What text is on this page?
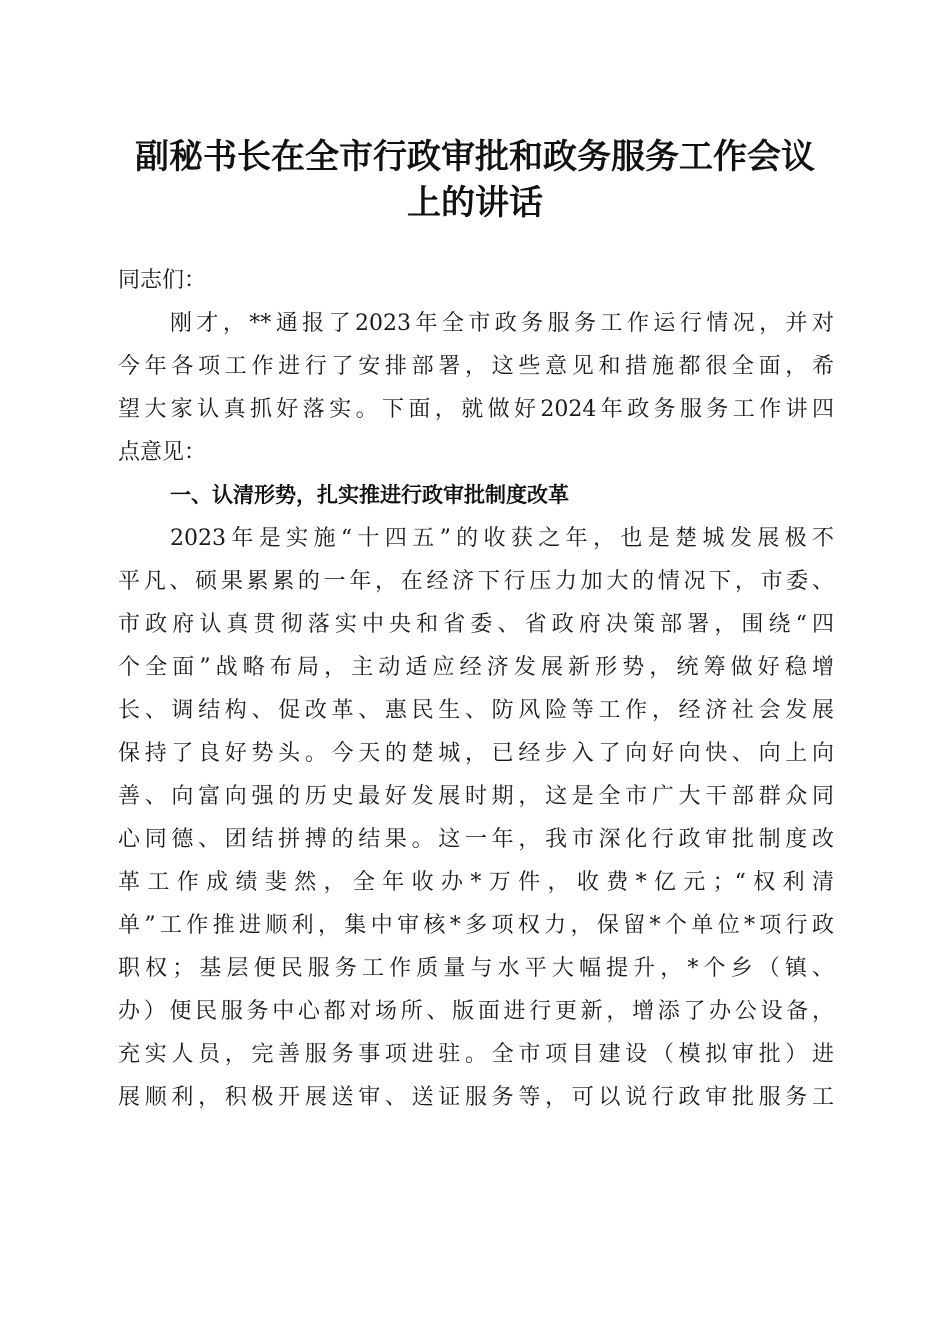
副秘书长在全市行政审批和政务服务工作会议
上的讲话
同志们：
刚才，**通报了2023年全市政务服务工作运行情况，并对
今年各项工作进行了安排部署，这些意见和措施都很全面，希
望大家认真抓好落实。下面，就做好2024年政务服务工作讲四
点意见：
一、认清形势，扎实推进行政审批制度改革
2023年是实施“十四五”的收获之年，也是楚城发展极不
平凡、硕果累累的一年，在经济下行压力加大的情况下，市委、
市政府认真贯彻落实中央和省委、省政府决策部署，围绕“四
个全面”战略布局，主动适应经济发展新形势，统筹做好稳增
长、调结构、促改革、惠民生、防风险等工作，经济社会发展
保持了良好势头。今天的楚城，已经步入了向好向快、向上向
善、向富向强的历史最好发展时期，这是全市广大干部群众同
心同德、团结拼搏的结果。这一年，我市深化行政审批制度改
革工作成绩斐然，全年收办*万件，收费*亿元；“权利清
单”工作推进顺利，集中审核*多项权力，保留*个单位*项行政
职权；基层便民服务工作质量与水平大幅提升，*个乡（镇、
办）便民服务中心都对场所、版面进行更新，增添了办公设备，
充实人员，完善服务事项进驻。全市项目建设（模拟审批）进
展顺利，积极开展送审、送证服务等，可以说行政审批服务工
